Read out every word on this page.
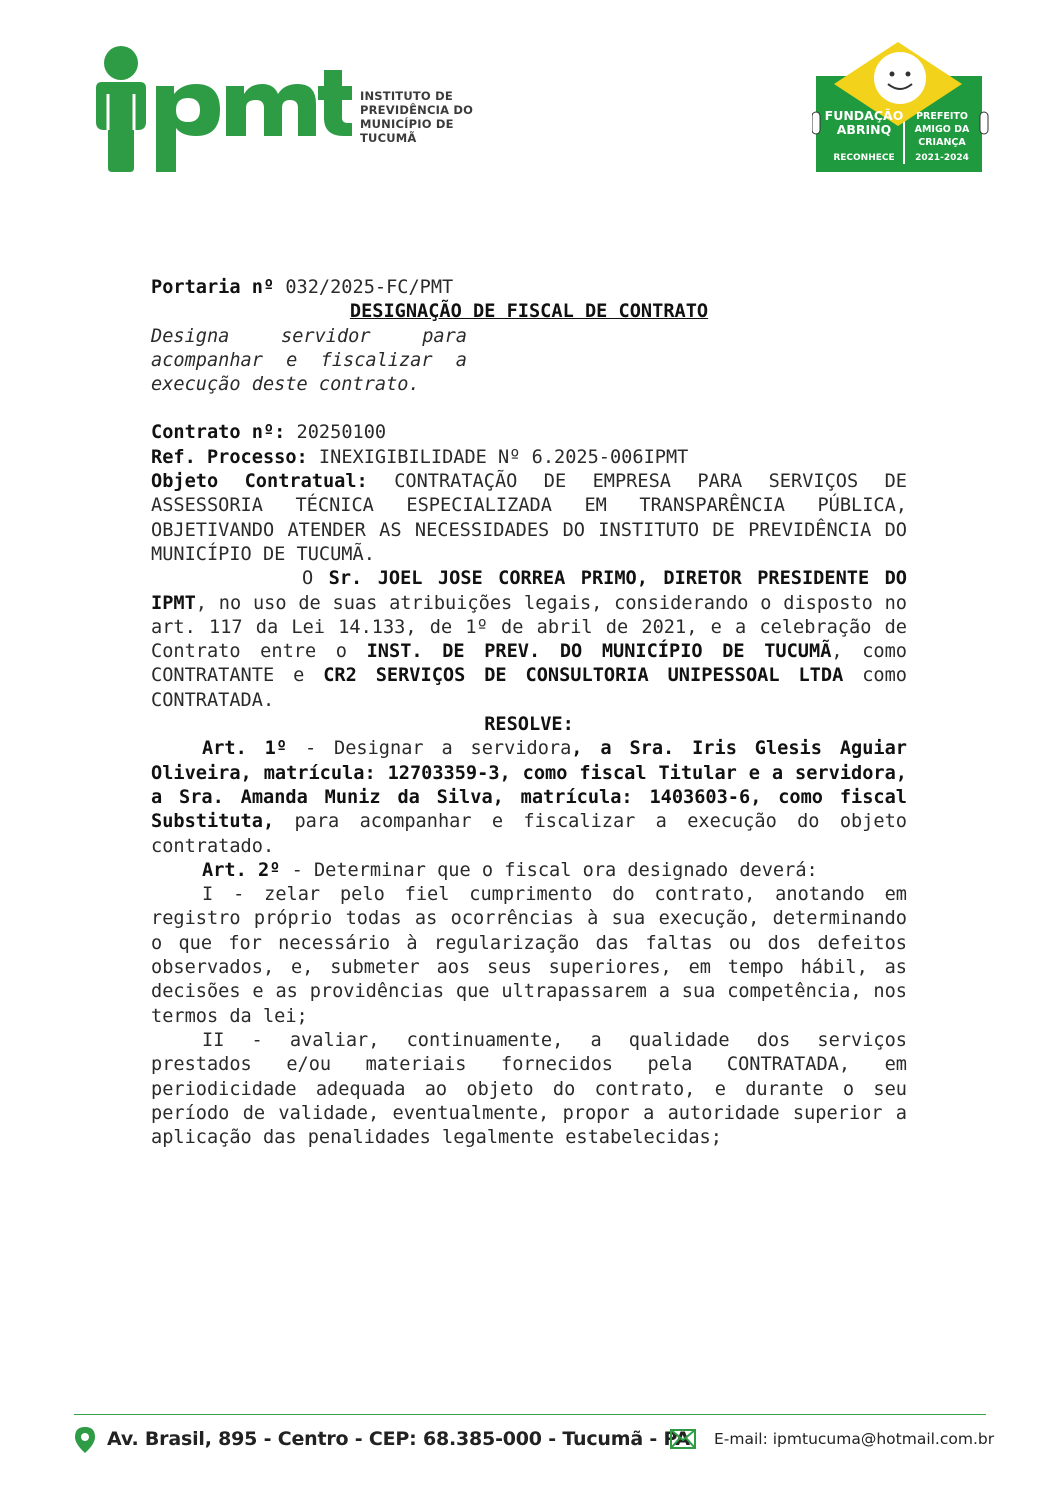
INSTITUTO DE
PREVIDÊNCIA DO
MUNICÍPIO DE
TUCUMÃ
FUNDAÇÃO
ABRINQ
RECONHECE
PREFEITO
AMIGO DA
CRIANÇA
2021-2024

Portaria nº 032/2025-FC/PMT

DESIGNAÇÃO DE FISCAL DE CONTRATO

Designa servidor para acompanhar e fiscalizar a execução deste contrato.

Contrato nº: 20250100

Ref. Processo: INEXIGIBILIDADE Nº 6.2025-006IPMT

Objeto Contratual: CONTRATAÇÃO DE EMPRESA PARA SERVIÇOS DE ASSESSORIA TÉCNICA ESPECIALIZADA EM TRANSPARÊNCIA PÚBLICA, OBJETIVANDO ATENDER AS NECESSIDADES DO INSTITUTO DE PREVIDÊNCIA DO MUNICÍPIO DE TUCUMÃ.

O Sr. JOEL JOSE CORREA PRIMO, DIRETOR PRESIDENTE DO IPMT, no uso de suas atribuições legais, considerando o disposto no art. 117 da Lei 14.133, de 1º de abril de 2021, e a celebração de Contrato entre o INST. DE PREV. DO MUNICÍPIO DE TUCUMÃ, como CONTRATANTE e CR2 SERVIÇOS DE CONSULTORIA UNIPESSOAL LTDA como CONTRATADA.

RESOLVE:

Art. 1º - Designar a servidora, a Sra. Iris Glesis Aguiar Oliveira, matrícula: 12703359-3, como fiscal Titular e a servidora, a Sra. Amanda Muniz da Silva, matrícula: 1403603-6, como fiscal Substituta, para acompanhar e fiscalizar a execução do objeto contratado.

Art. 2º - Determinar que o fiscal ora designado deverá:

I - zelar pelo fiel cumprimento do contrato, anotando em registro próprio todas as ocorrências à sua execução, determinando o que for necessário à regularização das faltas ou dos defeitos observados, e, submeter aos seus superiores, em tempo hábil, as decisões e as providências que ultrapassarem a sua competência, nos termos da lei;

II - avaliar, continuamente, a qualidade dos serviços prestados e/ou materiais fornecidos pela CONTRATADA, em periodicidade adequada ao objeto do contrato, e durante o seu período de validade, eventualmente, propor a autoridade superior a aplicação das penalidades legalmente estabelecidas;

Av. Brasil, 895 - Centro - CEP: 68.385-000 - Tucumã - PA E-mail: ipmtucuma@hotmail.com.br
